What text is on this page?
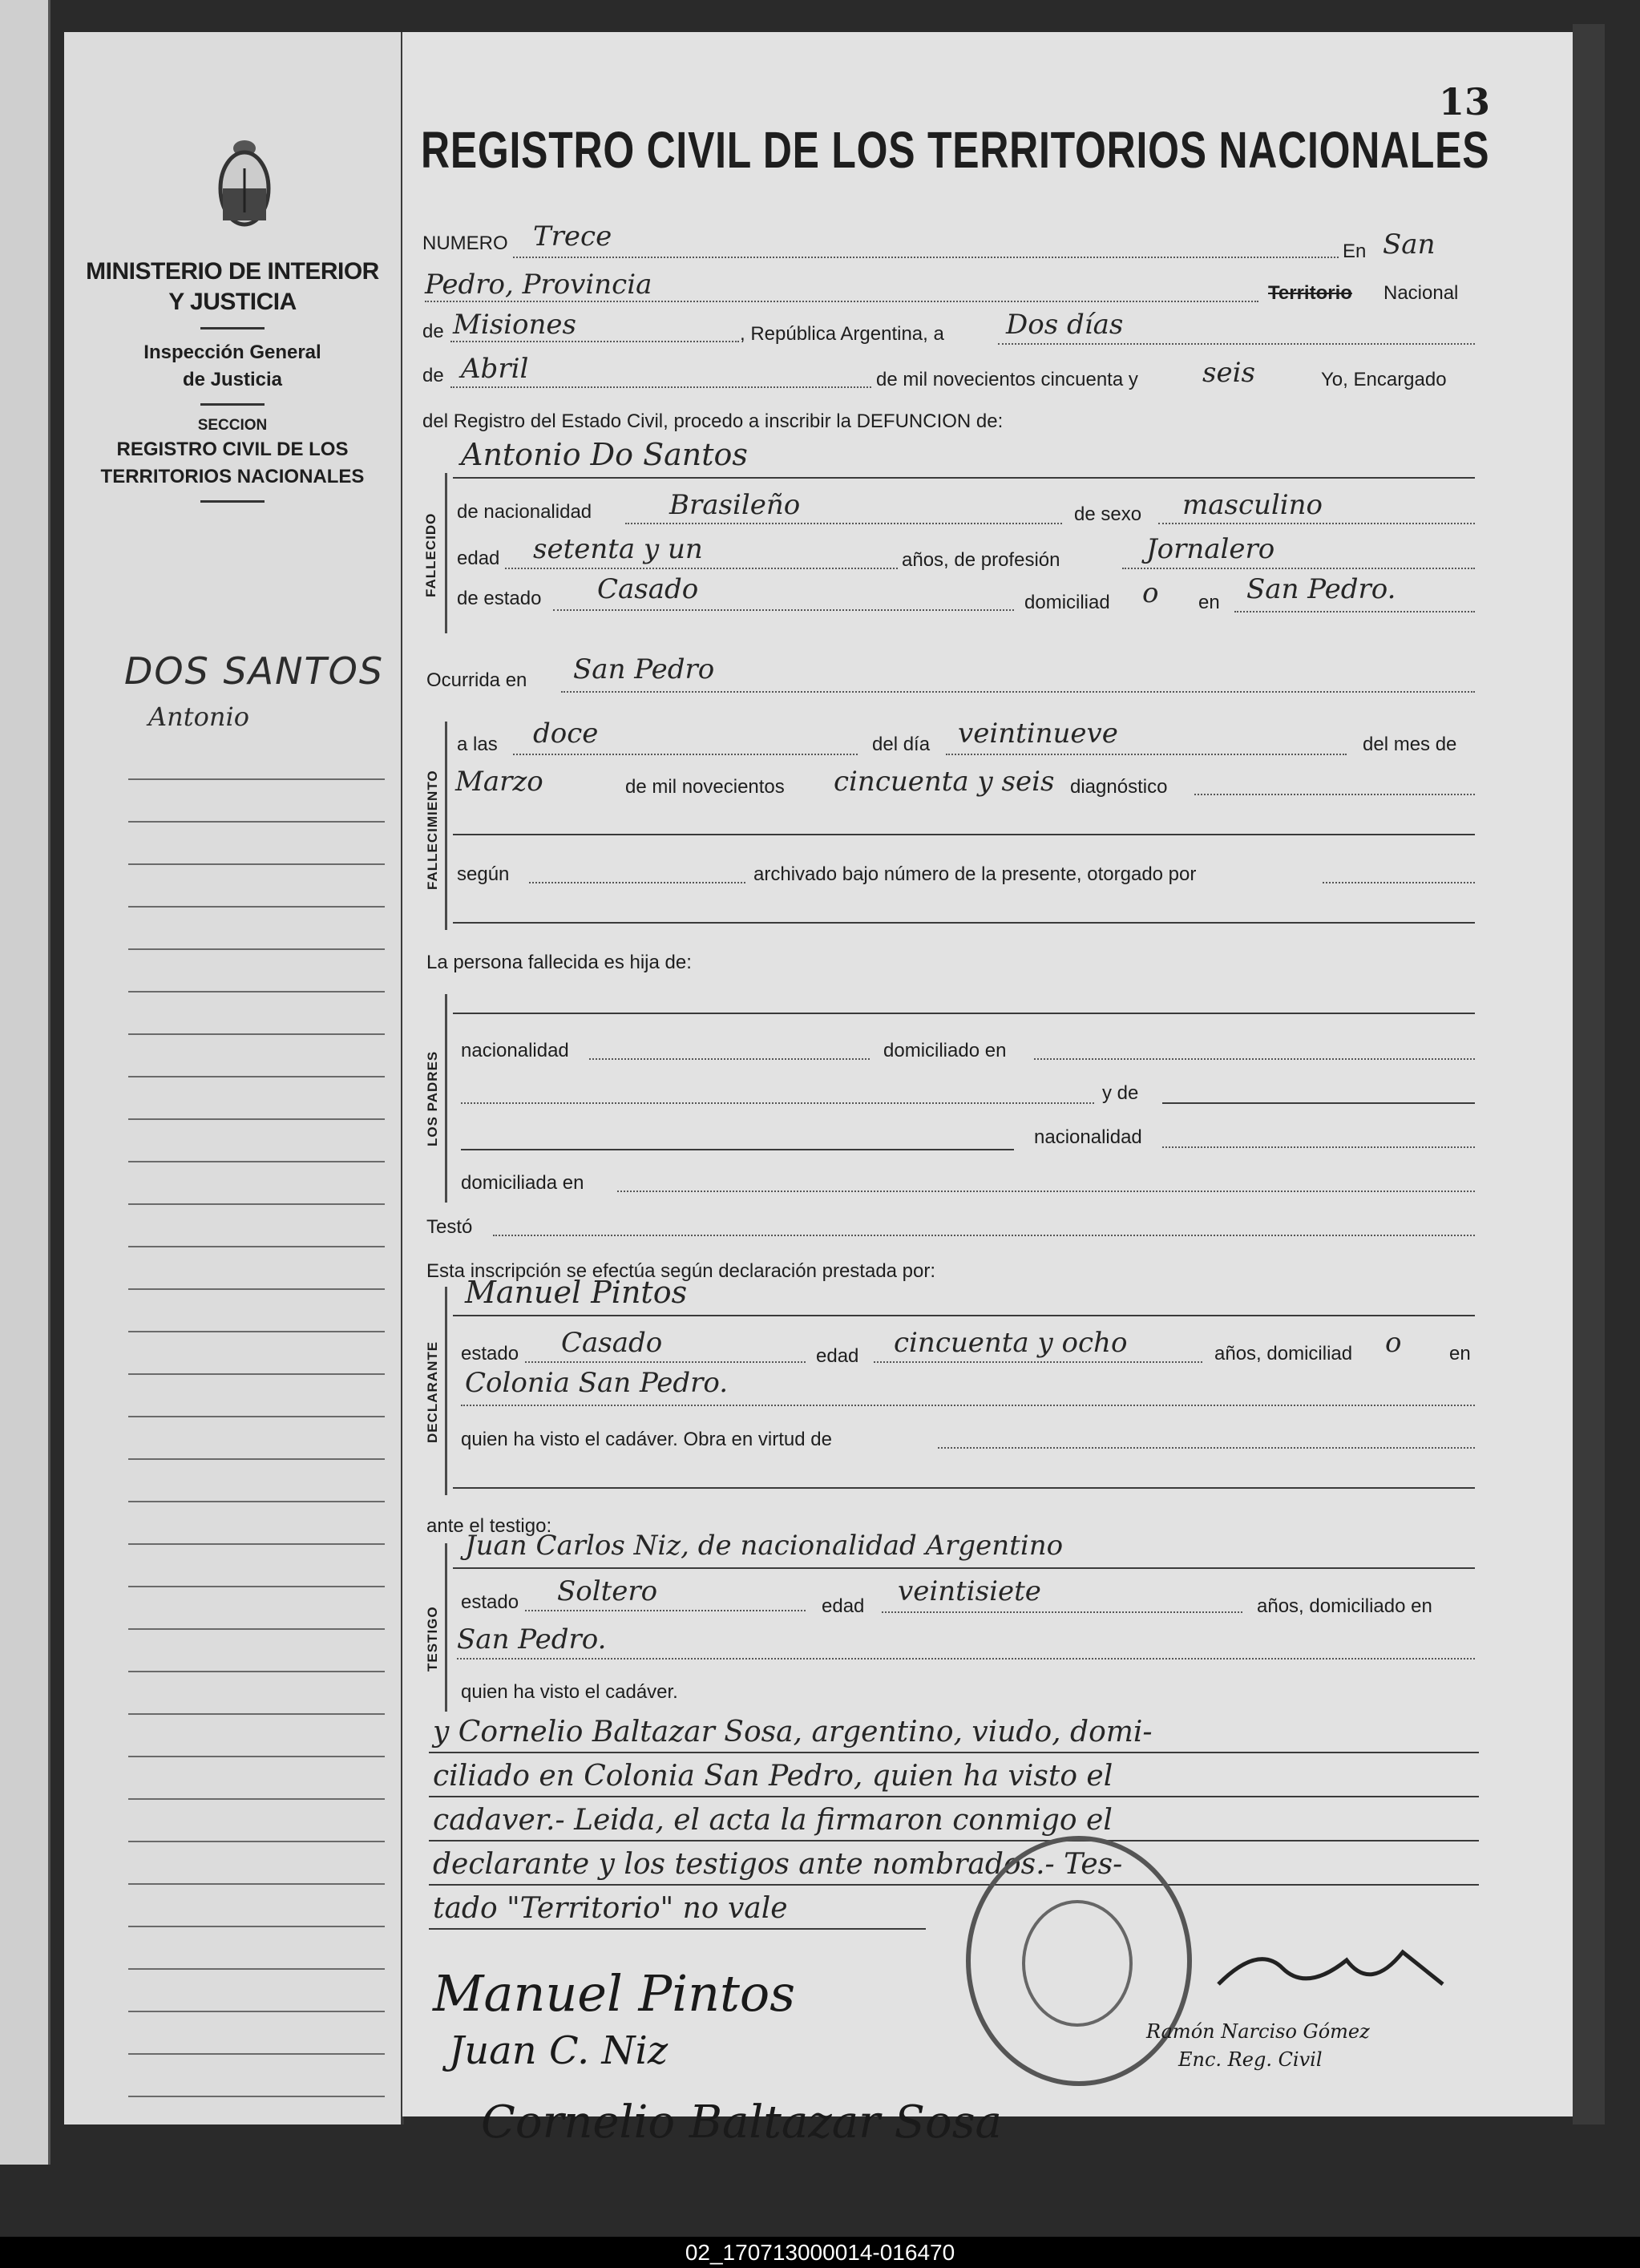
MINISTERIO DE INTERIOR
Y JUSTICIA
Inspección General
de Justicia
SECCION
REGISTRO CIVIL DE LOS
TERRITORIOS NACIONALES
DOS SANTOS
Antonio
13
REGISTRO CIVIL DE LOS TERRITORIOS NACIONALES
NUMERO Trece	En San
Pedro, Provincia	Territorio Nacional
de Misiones	, República Argentina, a Dos días
de Abril	de mil novecientos cincuenta y seis	Yo, Encargado
del Registro del Estado Civil, procedo a inscribir la DEFUNCION de:
FALLECIDO
Antonio Do Santos
de nacionalidad	Brasileño	de sexo masculino
edad setenta y un	años, de profesión	Jornalero
de estado Casado	domiciliad o en San Pedro.
Ocurrida en San Pedro
FALLECIMIENTO
a las doce	del día veintinueve	del mes de
Marzo	de mil novecientos cincuenta y seis diagnóstico
según	archivado bajo número de la presente, otorgado por
La persona fallecida es hija de:
LOS PADRES
nacionalidad	domiciliado en
y de
nacionalidad
domiciliada en
Testó
Esta inscripción se efectúa según declaración prestada por:
DECLARANTE
Manuel Pintos
estado Casado	edad cincuenta y ocho	años, domiciliad o en
Colonia San Pedro.
quien ha visto el cadáver. Obra en virtud de
ante el testigo:
TESTIGO
Juan Carlos Niz, de nacionalidad Argentino
estado Soltero	edad veintisiete	años, domiciliado en
San Pedro.
quien ha visto el cadáver.
y Cornelio Baltazar Sosa, argentino, viudo, domi-
ciliado en Colonia San Pedro, quien ha visto el
cadaver.- Leida, el acta la firmaron conmigo el
declarante y los testigos ante nombrados.- Tes-
tado "Territorio" no vale
Manuel Pintos
Juan C. Niz
Cornelio Baltazar Sosa
Ramón Narciso Gómez
Enc. Reg. Civil
02_170713000014-016470
